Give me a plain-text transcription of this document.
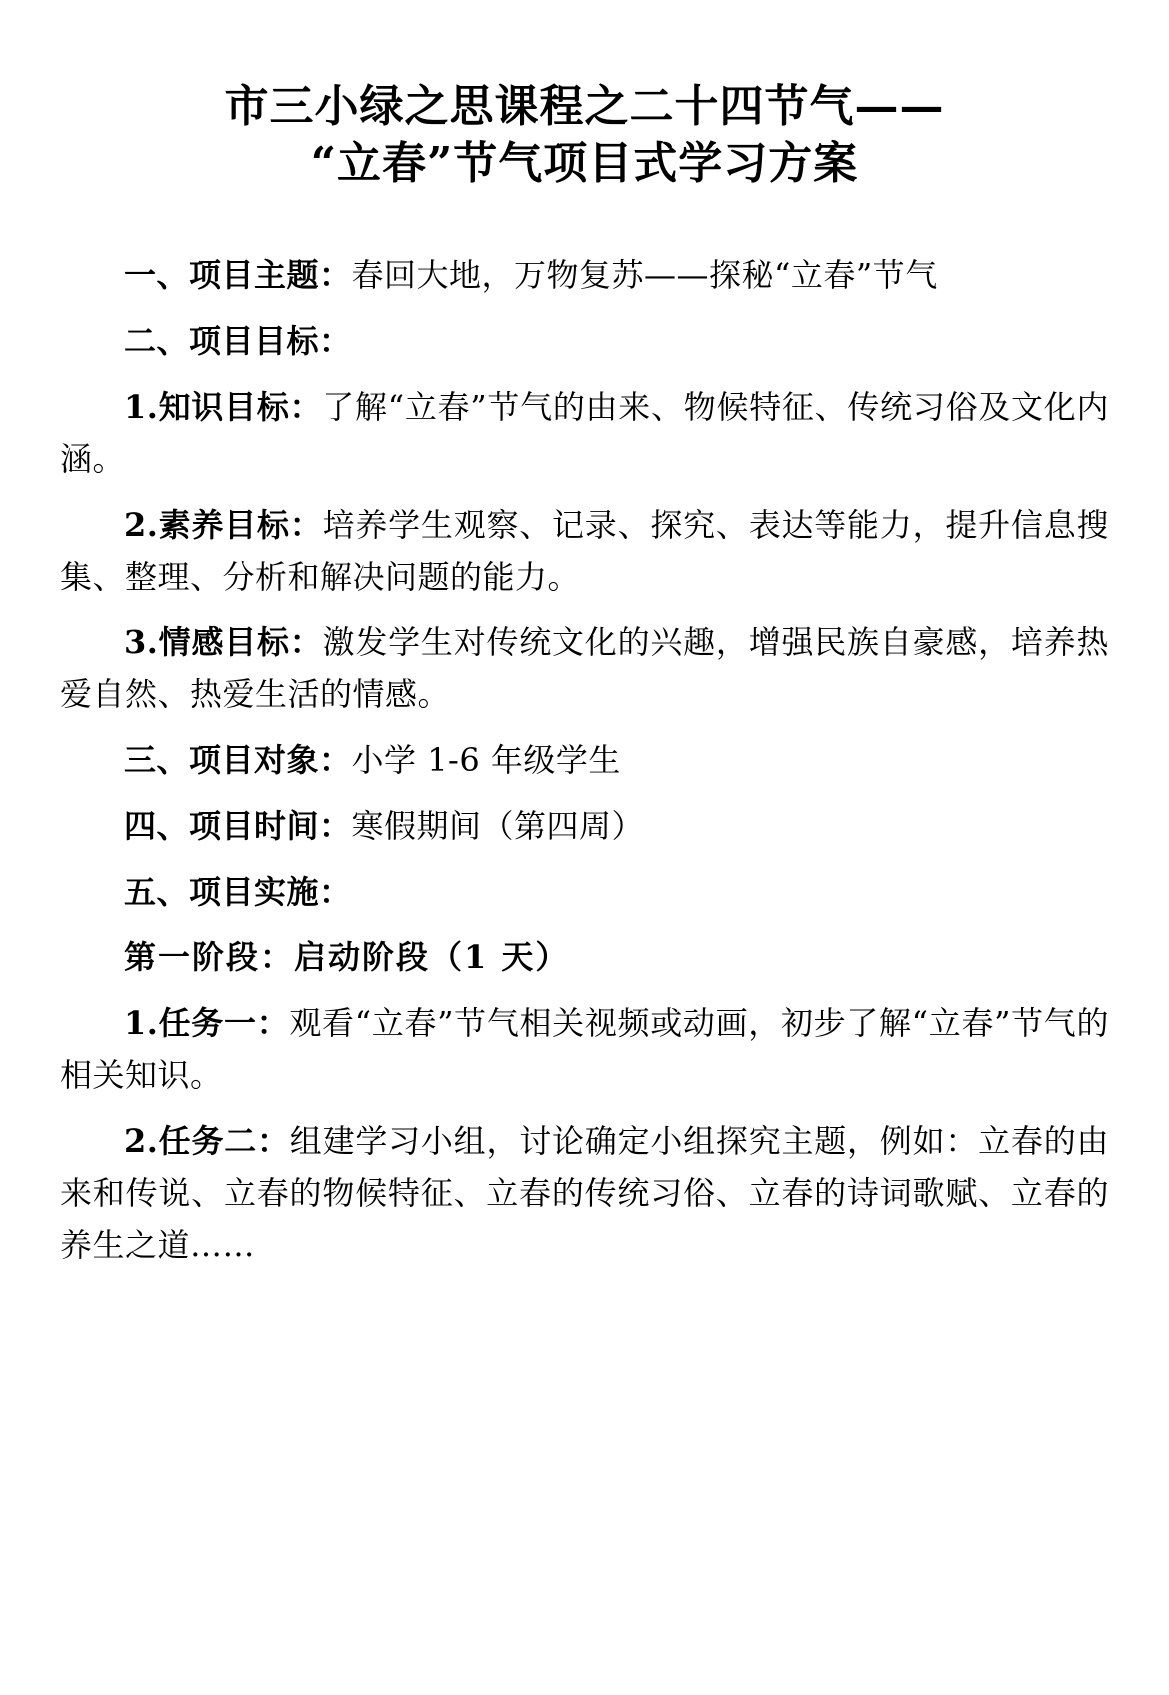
市三小绿之思课程之二十四节气——
“立春”节气项目式学习方案

一、项目主题：春回大地，万物复苏——探秘“立春”节气

二、项目目标：

1.知识目标：了解“立春”节气的由来、物候特征、传统习俗及文化内涵。

2.素养目标：培养学生观察、记录、探究、表达等能力，提升信息搜集、整理、分析和解决问题的能力。

3.情感目标：激发学生对传统文化的兴趣，增强民族自豪感，培养热爱自然、热爱生活的情感。

三、项目对象：小学 1-6 年级学生

四、项目时间：寒假期间（第四周）

五、项目实施：

第一阶段：启动阶段（1 天）

1.任务一：观看“立春”节气相关视频或动画，初步了解“立春”节气的相关知识。

2.任务二：组建学习小组，讨论确定小组探究主题，例如：立春的由来和传说、立春的物候特征、立春的传统习俗、立春的诗词歌赋、立春的养生之道……
